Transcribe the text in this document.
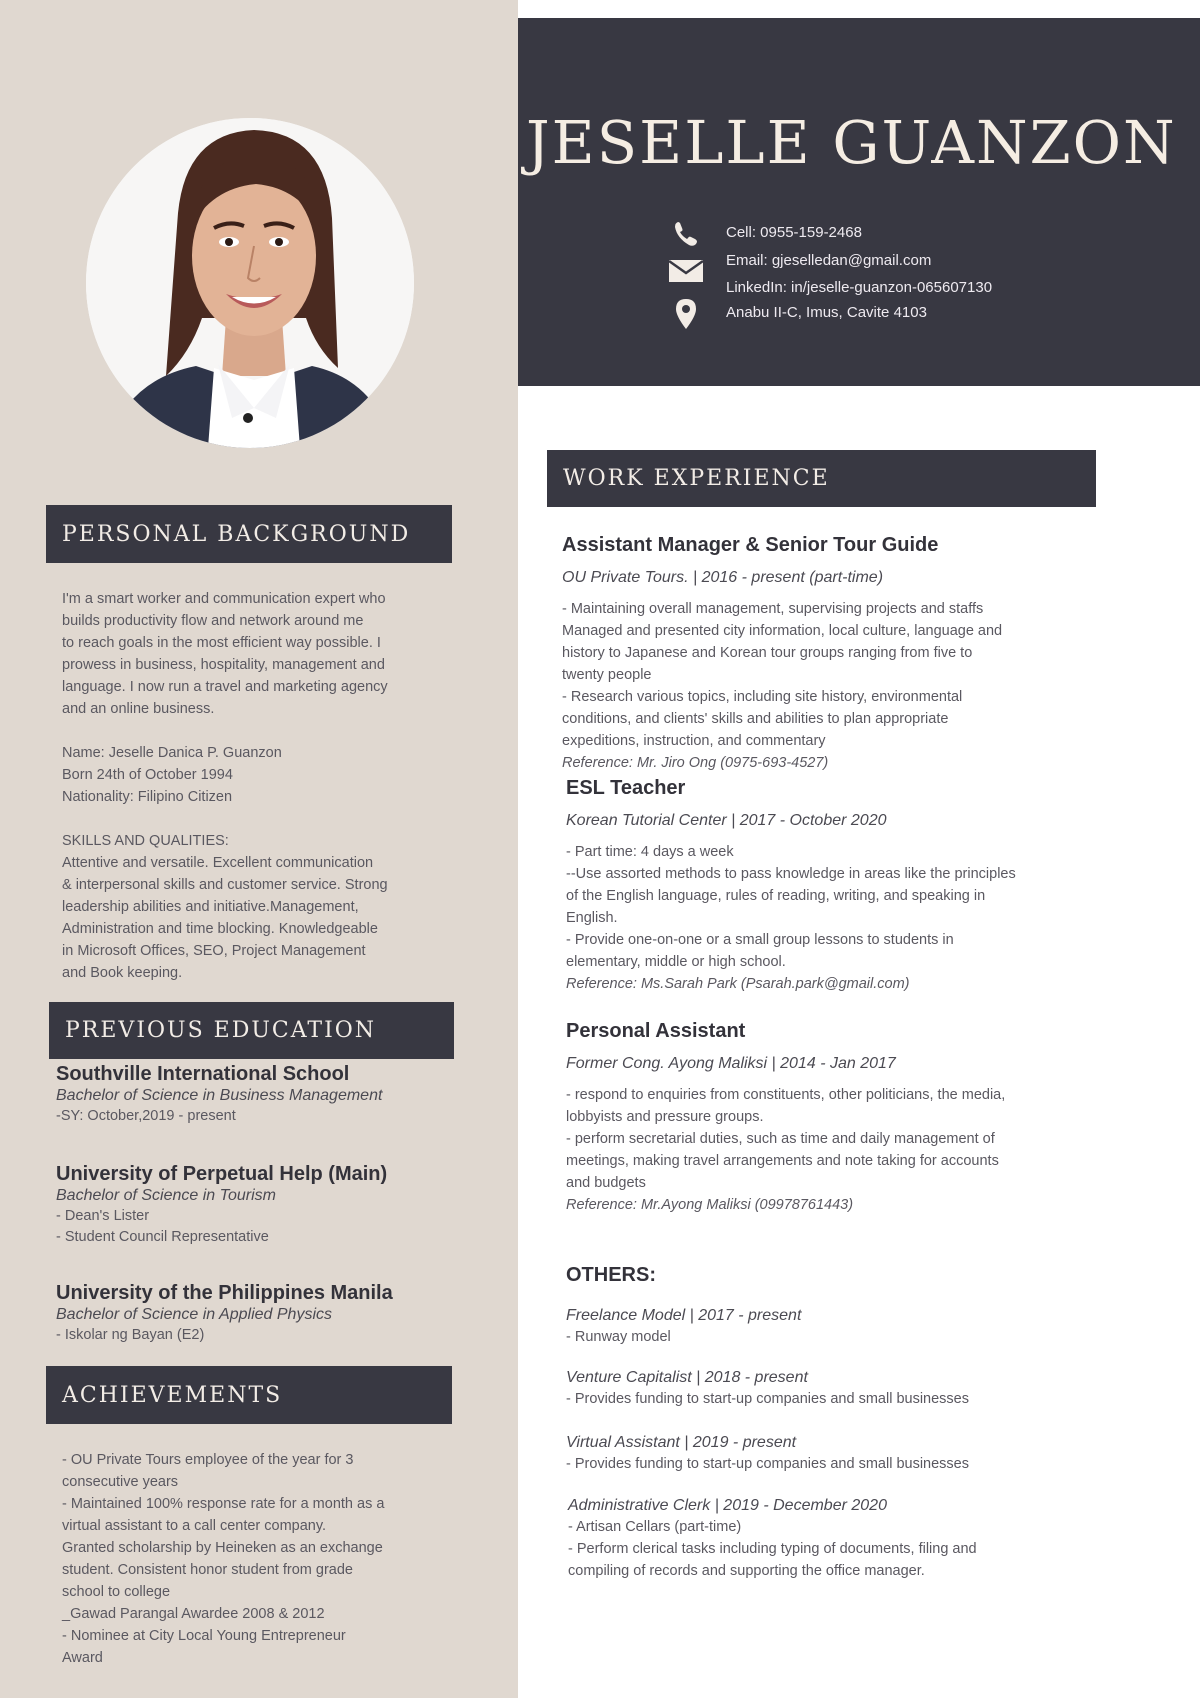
PERSONAL BACKGROUND
I'm a smart worker and communication expert who
builds productivity flow and network around me
to reach goals in the most efficient way possible. I
prowess in business, hospitality, management and
language. I now run a travel and marketing agency
and an online business.
Name: Jeselle Danica P. Guanzon
Born 24th of October 1994
Nationality: Filipino Citizen
SKILLS AND QUALITIES:
Attentive and versatile. Excellent communication
& interpersonal skills and customer service. Strong
leadership abilities and initiative.Management,
Administration and time blocking. Knowledgeable
in Microsoft Offices, SEO, Project Management
and Book keeping.
PREVIOUS EDUCATION
Southville International School
Bachelor of Science in Business Management
-SY: October,2019 - present
University of Perpetual Help (Main)
Bachelor of Science in Tourism
- Dean's Lister
- Student Council Representative
University of the Philippines Manila
Bachelor of Science in Applied Physics
- Iskolar ng Bayan (E2)
ACHIEVEMENTS
- OU Private Tours employee of the year for 3
consecutive years
- Maintained 100% response rate for a month as a
virtual assistant to a call center company.
Granted scholarship by Heineken as an exchange
student. Consistent honor student from grade
school to college
_Gawad Parangal Awardee 2008 & 2012
- Nominee at City Local Young Entrepreneur
Award
JESELLE GUANZON
Cell: 0955-159-2468
Email: gjeselledan@gmail.com
LinkedIn: in/jeselle-guanzon-065607130
Anabu II-C, Imus, Cavite 4103
WORK EXPERIENCE
Assistant Manager & Senior Tour Guide
OU Private Tours. | 2016 - present (part-time)
- Maintaining overall management, supervising projects and staffs
Managed and presented city information, local culture, language and
history to Japanese and Korean tour groups ranging from five to
twenty people
- Research various topics, including site history, environmental
conditions, and clients' skills and abilities to plan appropriate
expeditions, instruction, and commentary
Reference: Mr. Jiro Ong (0975-693-4527)
ESL Teacher
Korean Tutorial Center | 2017 - October 2020
- Part time: 4 days a week
--Use assorted methods to pass knowledge in areas like the principles
of the English language, rules of reading, writing, and speaking in
English.
- Provide one-on-one or a small group lessons to students in
elementary, middle or high school.
Reference: Ms.Sarah Park (Psarah.park@gmail.com)
Personal Assistant
Former Cong. Ayong Maliksi | 2014 - Jan 2017
- respond to enquiries from constituents, other politicians, the media,
lobbyists and pressure groups.
- perform secretarial duties, such as time and daily management of
meetings, making travel arrangements and note taking for accounts
and budgets
Reference: Mr.Ayong Maliksi (09978761443)
OTHERS:
Freelance Model | 2017 - present
- Runway model
Venture Capitalist | 2018 - present
- Provides funding to start-up companies and small businesses
Virtual Assistant | 2019 - present
- Provides funding to start-up companies and small businesses
Administrative Clerk | 2019 - December 2020
- Artisan Cellars (part-time)
- Perform clerical tasks including typing of documents, filing and
compiling of records and supporting the office manager.
